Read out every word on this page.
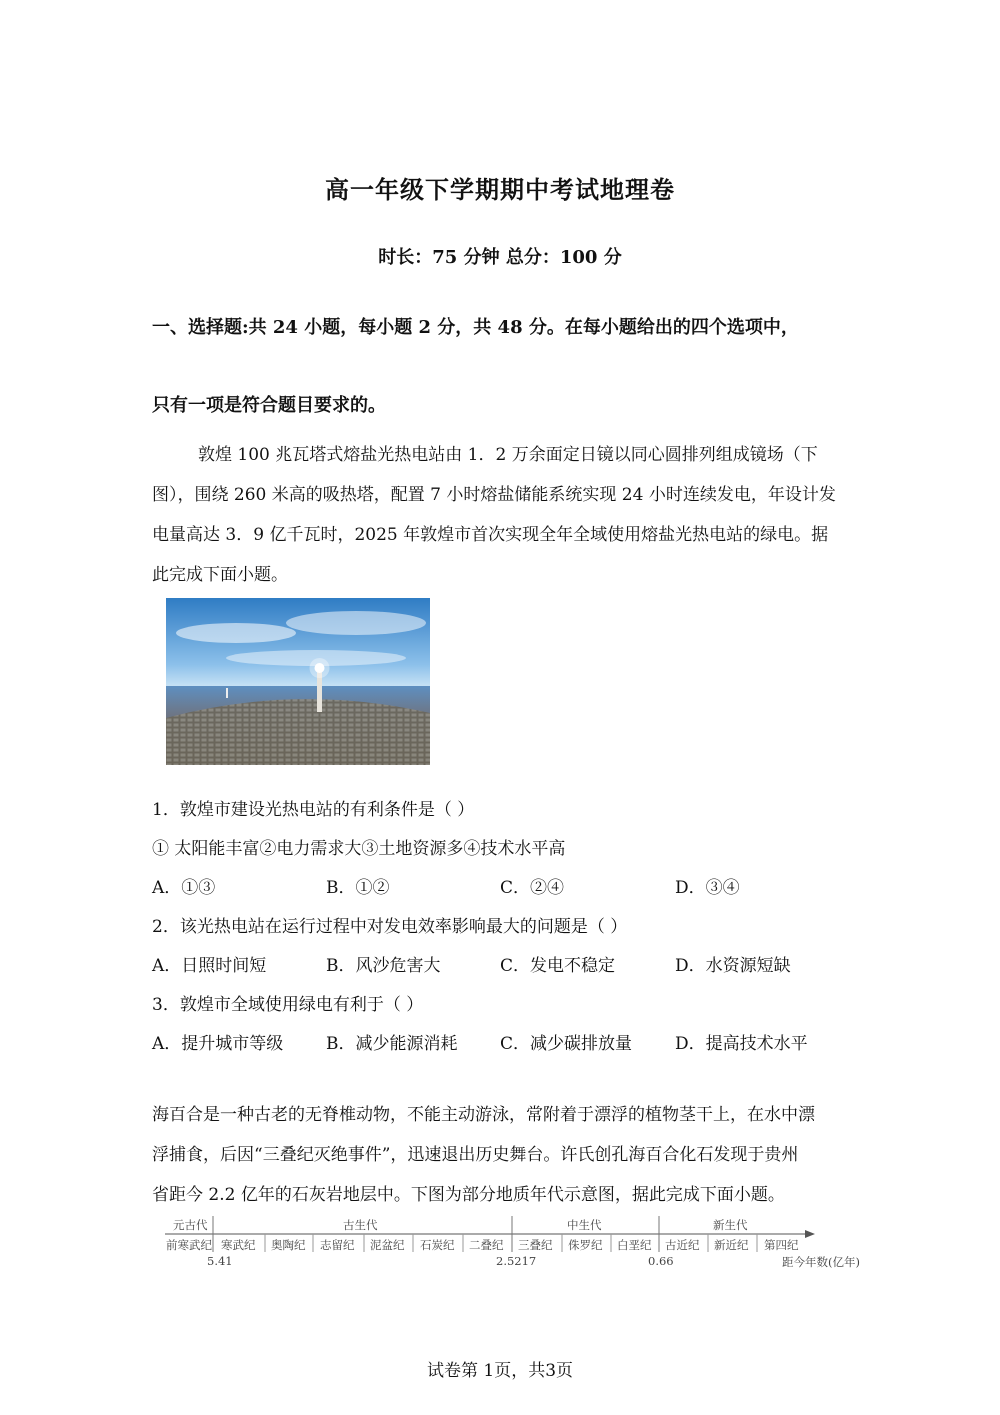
高一年级下学期期中考试地理卷
时长：75 分钟 总分：100 分
一、选择题:共 24 小题，每小题 2 分，共 48 分。在每小题给出的四个选项中，
只有一项是符合题目要求的。

敦煌 100 兆瓦塔式熔盐光热电站由 1．2 万余面定日镜以同心圆排列组成镜场（下

图），围绕 260 米高的吸热塔，配置 7 小时熔盐储能系统实现 24 小时连续发电，年设计发

电量高达 3．9 亿千瓦时，2025 年敦煌市首次实现全年全域使用熔盐光热电站的绿电。据

此完成下面小题。

1．敦煌市建设光热电站的有利条件是（ ）
① 太阳能丰富②电力需求大③土地资源多④技术水平高
A．①③	B．①②	C．②④	D．③④
2．该光热电站在运行过程中对发电效率影响最大的问题是（ ）
A．日照时间短	B．风沙危害大	C．发电不稳定	D．水资源短缺
3．敦煌市全域使用绿电有利于（ ）
A．提升城市等级	B．减少能源消耗	C．减少碳排放量	D．提高技术水平

海百合是一种古老的无脊椎动物，不能主动游泳，常附着于漂浮的植物茎干上，在水中漂

浮捕食，后因“三叠纪灭绝事件”，迅速退出历史舞台。许氏创孔海百合化石发现于贵州

省距今 2.2 亿年的石灰岩地层中。下图为部分地质年代示意图，据此完成下面小题。

元古代	古生代	中生代	新生代
前寒武纪 寒武纪 奥陶纪 志留纪 泥盆纪 石炭纪 二叠纪 三叠纪 侏罗纪 白垩纪 古近纪 新近纪 第四纪
5.41	2.5217	0.66	距今年数(亿年)
试卷第 1页，共3页
